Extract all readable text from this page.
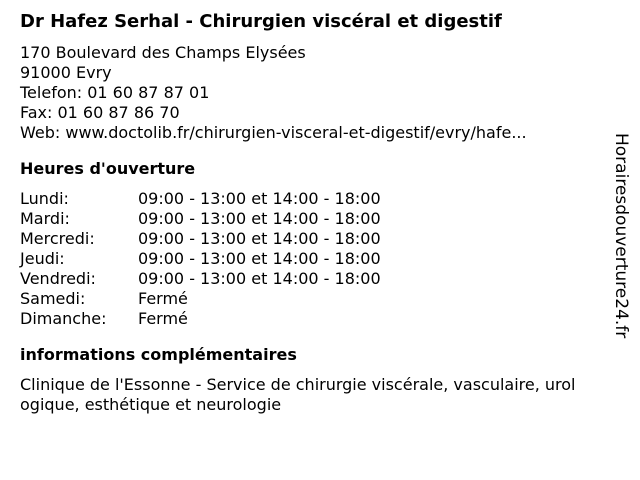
Dr Hafez Serhal - Chirurgien viscéral et digestif
170 Boulevard des Champs Elysées
91000 Evry
Telefon: 01 60 87 87 01
Fax: 01 60 87 86 70
Web: www.doctolib.fr/chirurgien-visceral-et-digestif/evry/hafe...
Heures d'ouverture
Lundi:	09:00 - 13:00 et 14:00 - 18:00
Mardi:	09:00 - 13:00 et 14:00 - 18:00
Mercredi:	09:00 - 13:00 et 14:00 - 18:00
Jeudi:	09:00 - 13:00 et 14:00 - 18:00
Vendredi:	09:00 - 13:00 et 14:00 - 18:00
Samedi:	Fermé
Dimanche:	Fermé
informations complémentaires
Clinique de l'Essonne - Service de chirurgie viscérale, vasculaire, urologique, esthétique et neurologie
Horairesdouverture24.fr
